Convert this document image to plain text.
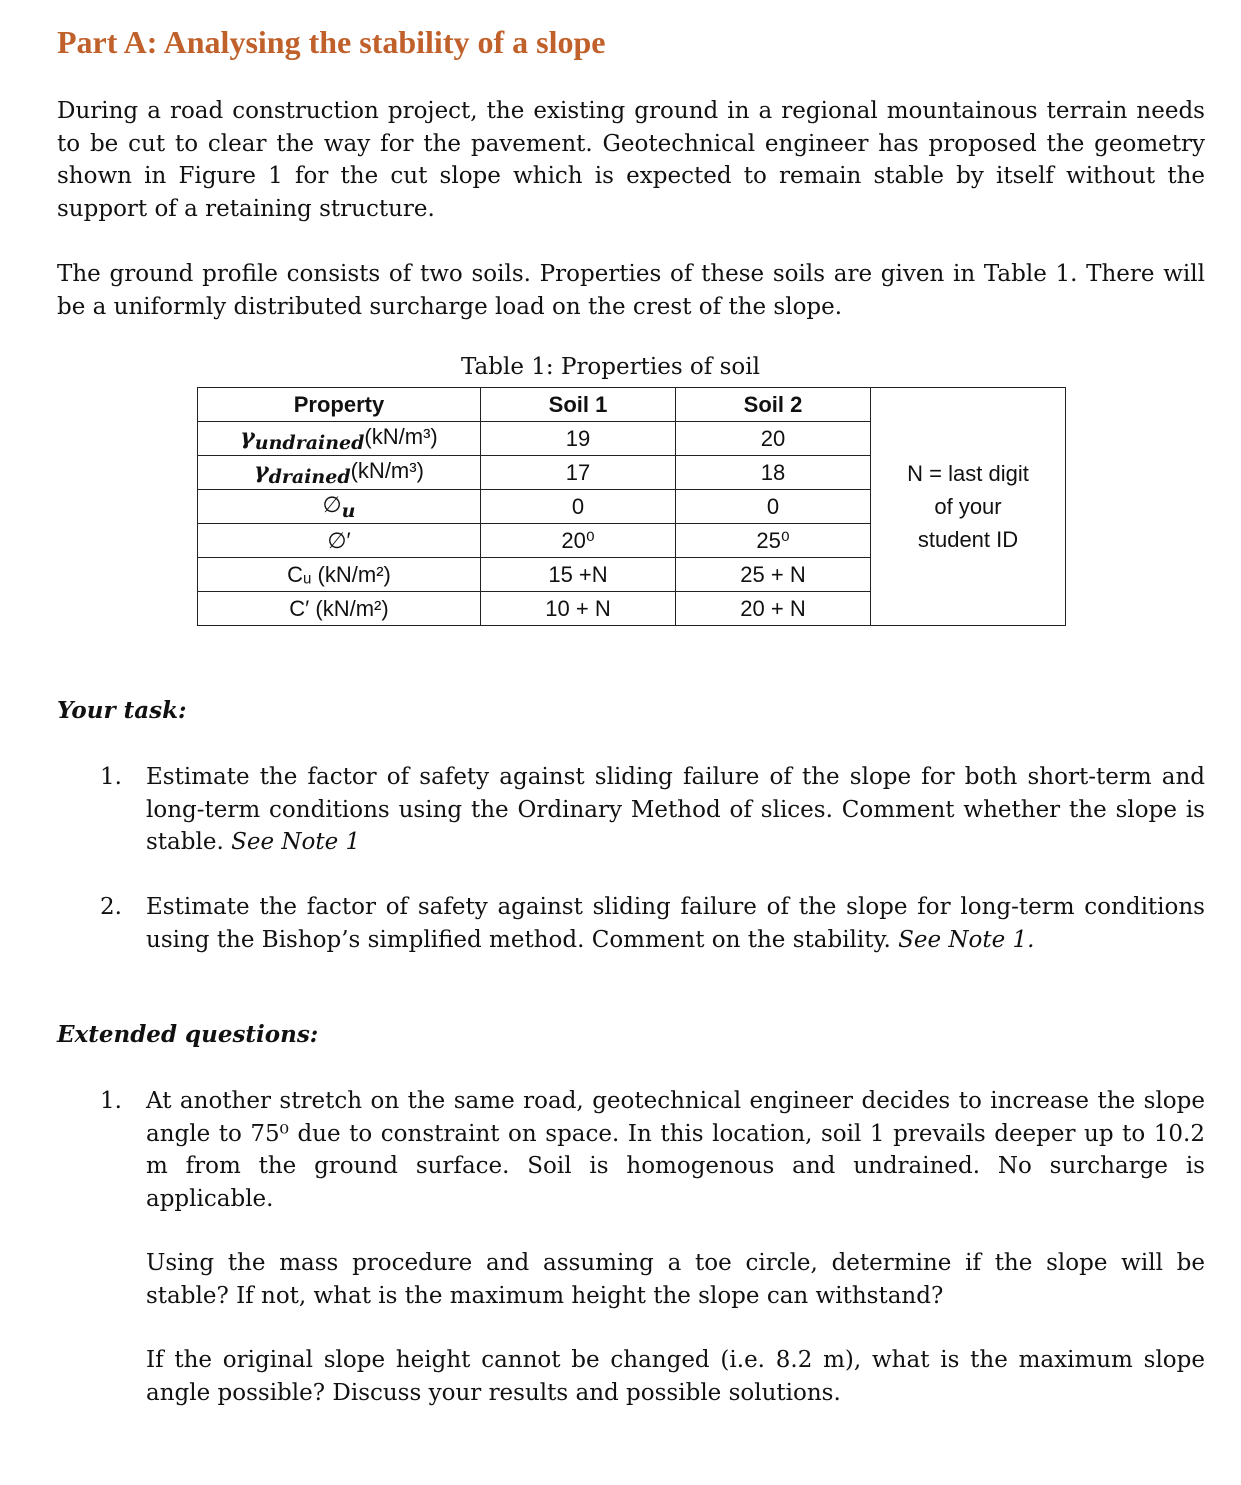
Part A: Analysing the stability of a slope

During a road construction project, the existing ground in a regional mountainous terrain needs to be cut to clear the way for the pavement. Geotechnical engineer has proposed the geometry shown in Figure 1 for the cut slope which is expected to remain stable by itself without the support of a retaining structure.

The ground profile consists of two soils. Properties of these soils are given in Table 1. There will be a uniformly distributed surcharge load on the crest of the slope.

Table 1: Properties of soil
Property	Soil 1	Soil 2	N = last digit
of your
student ID

γundrained(kN/m³)	19	20	
γdrained(kN/m³)	17	18	
∅u	0	0	
∅′	20⁰	25⁰	
Cᵤ (kN/m²)	15 +N	25 + N	
C′ (kN/m²)	10 + N	20 + N	
Your task:
1. Estimate the factor of safety against sliding failure of the slope for both short-term and long-term conditions using the Ordinary Method of slices. Comment whether the slope is stable. See Note 1
2. Estimate the factor of safety against sliding failure of the slope for long-term conditions using the Bishop’s simplified method. Comment on the stability. See Note 1.
Extended questions:
1. At another stretch on the same road, geotechnical engineer decides to increase the slope angle to 75⁰ due to constraint on space. In this location, soil 1 prevails deeper up to 10.2 m from the ground surface. Soil is homogenous and undrained. No surcharge is applicable.

Using the mass procedure and assuming a toe circle, determine if the slope will be stable? If not, what is the maximum height the slope can withstand?

If the original slope height cannot be changed (i.e. 8.2 m), what is the maximum slope angle possible? Discuss your results and possible solutions.
